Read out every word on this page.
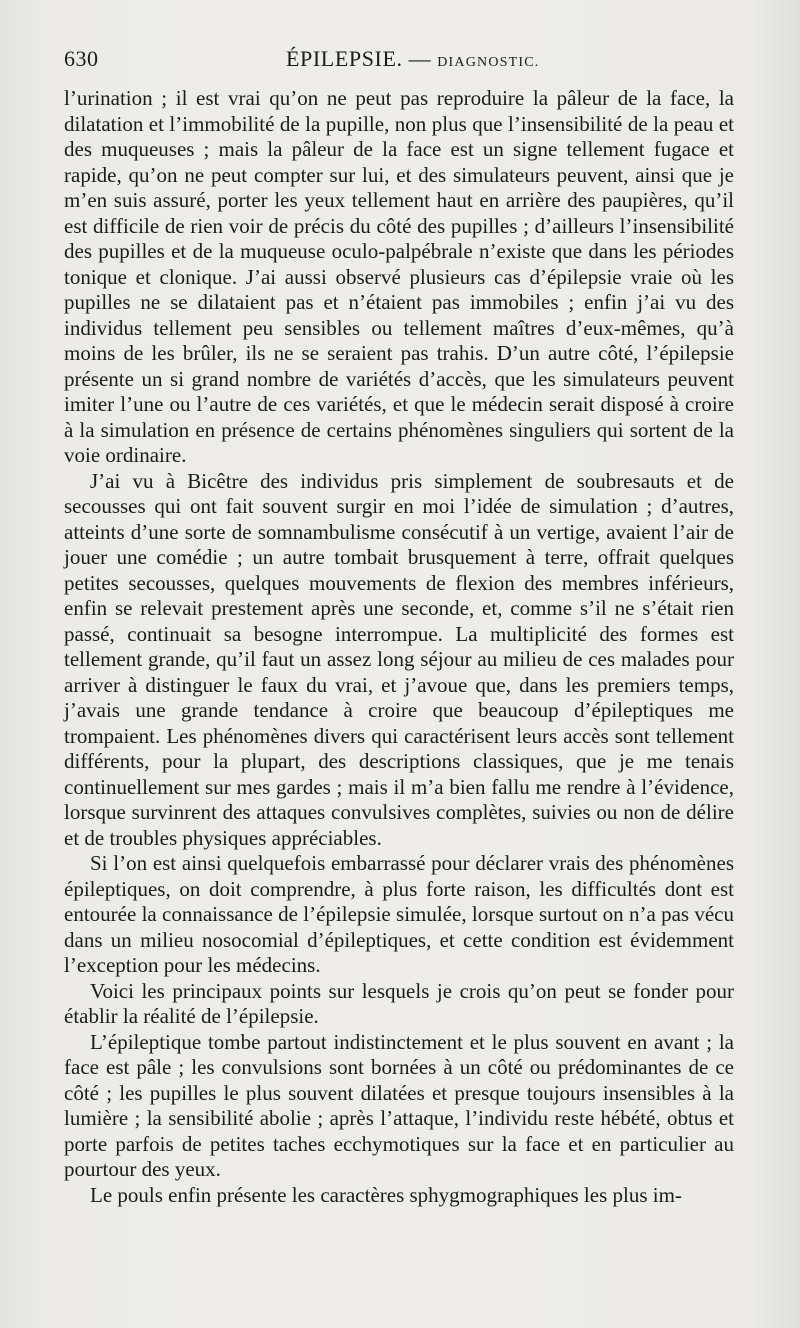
630	ÉPILEPSIE. — DIAGNOSTIC.

l’urination ; il est vrai qu’on ne peut pas reproduire la pâleur de la face, la dilatation et l’immobilité de la pupille, non plus que l’insensibilité de la peau et des muqueuses ; mais la pâleur de la face est un signe tellement fugace et rapide, qu’on ne peut compter sur lui, et des simulateurs peuvent, ainsi que je m’en suis assuré, porter les yeux tellement haut en arrière des paupières, qu’il est difficile de rien voir de précis du côté des pupilles ; d’ailleurs l’insensibilité des pupilles et de la muqueuse oculo-palpébrale n’existe que dans les périodes tonique et clonique. J’ai aussi observé plusieurs cas d’épilepsie vraie où les pupilles ne se dilataient pas et n’étaient pas immobiles ; enfin j’ai vu des individus tellement peu sensibles ou tellement maîtres d’eux-mêmes, qu’à moins de les brûler, ils ne se seraient pas trahis. D’un autre côté, l’épilepsie présente un si grand nombre de variétés d’accès, que les simulateurs peuvent imiter l’une ou l’autre de ces variétés, et que le médecin serait disposé à croire à la simulation en présence de certains phénomènes singuliers qui sortent de la voie ordinaire.

J’ai vu à Bicêtre des individus pris simplement de soubresauts et de secousses qui ont fait souvent surgir en moi l’idée de simulation ; d’autres, atteints d’une sorte de somnambulisme consécutif à un vertige, avaient l’air de jouer une comédie ; un autre tombait brusquement à terre, offrait quelques petites secousses, quelques mouvements de flexion des membres inférieurs, enfin se relevait prestement après une seconde, et, comme s’il ne s’était rien passé, continuait sa besogne interrompue. La multiplicité des formes est tellement grande, qu’il faut un assez long séjour au milieu de ces malades pour arriver à distinguer le faux du vrai, et j’avoue que, dans les premiers temps, j’avais une grande tendance à croire que beaucoup d’épileptiques me trompaient. Les phénomènes divers qui caractérisent leurs accès sont tellement différents, pour la plupart, des descriptions classiques, que je me tenais continuellement sur mes gardes ; mais il m’a bien fallu me rendre à l’évidence, lorsque survinrent des attaques convulsives complètes, suivies ou non de délire et de troubles physiques appréciables.

Si l’on est ainsi quelquefois embarrassé pour déclarer vrais des phénomènes épileptiques, on doit comprendre, à plus forte raison, les difficultés dont est entourée la connaissance de l’épilepsie simulée, lorsque surtout on n’a pas vécu dans un milieu nosocomial d’épileptiques, et cette condition est évidemment l’exception pour les médecins.

Voici les principaux points sur lesquels je crois qu’on peut se fonder pour établir la réalité de l’épilepsie.

L’épileptique tombe partout indistinctement et le plus souvent en avant ; la face est pâle ; les convulsions sont bornées à un côté ou prédominantes de ce côté ; les pupilles le plus souvent dilatées et presque toujours insensibles à la lumière ; la sensibilité abolie ; après l’attaque, l’individu reste hébété, obtus et porte parfois de petites taches ecchymotiques sur la face et en particulier au pourtour des yeux.

Le pouls enfin présente les caractères sphygmographiques les plus im-
